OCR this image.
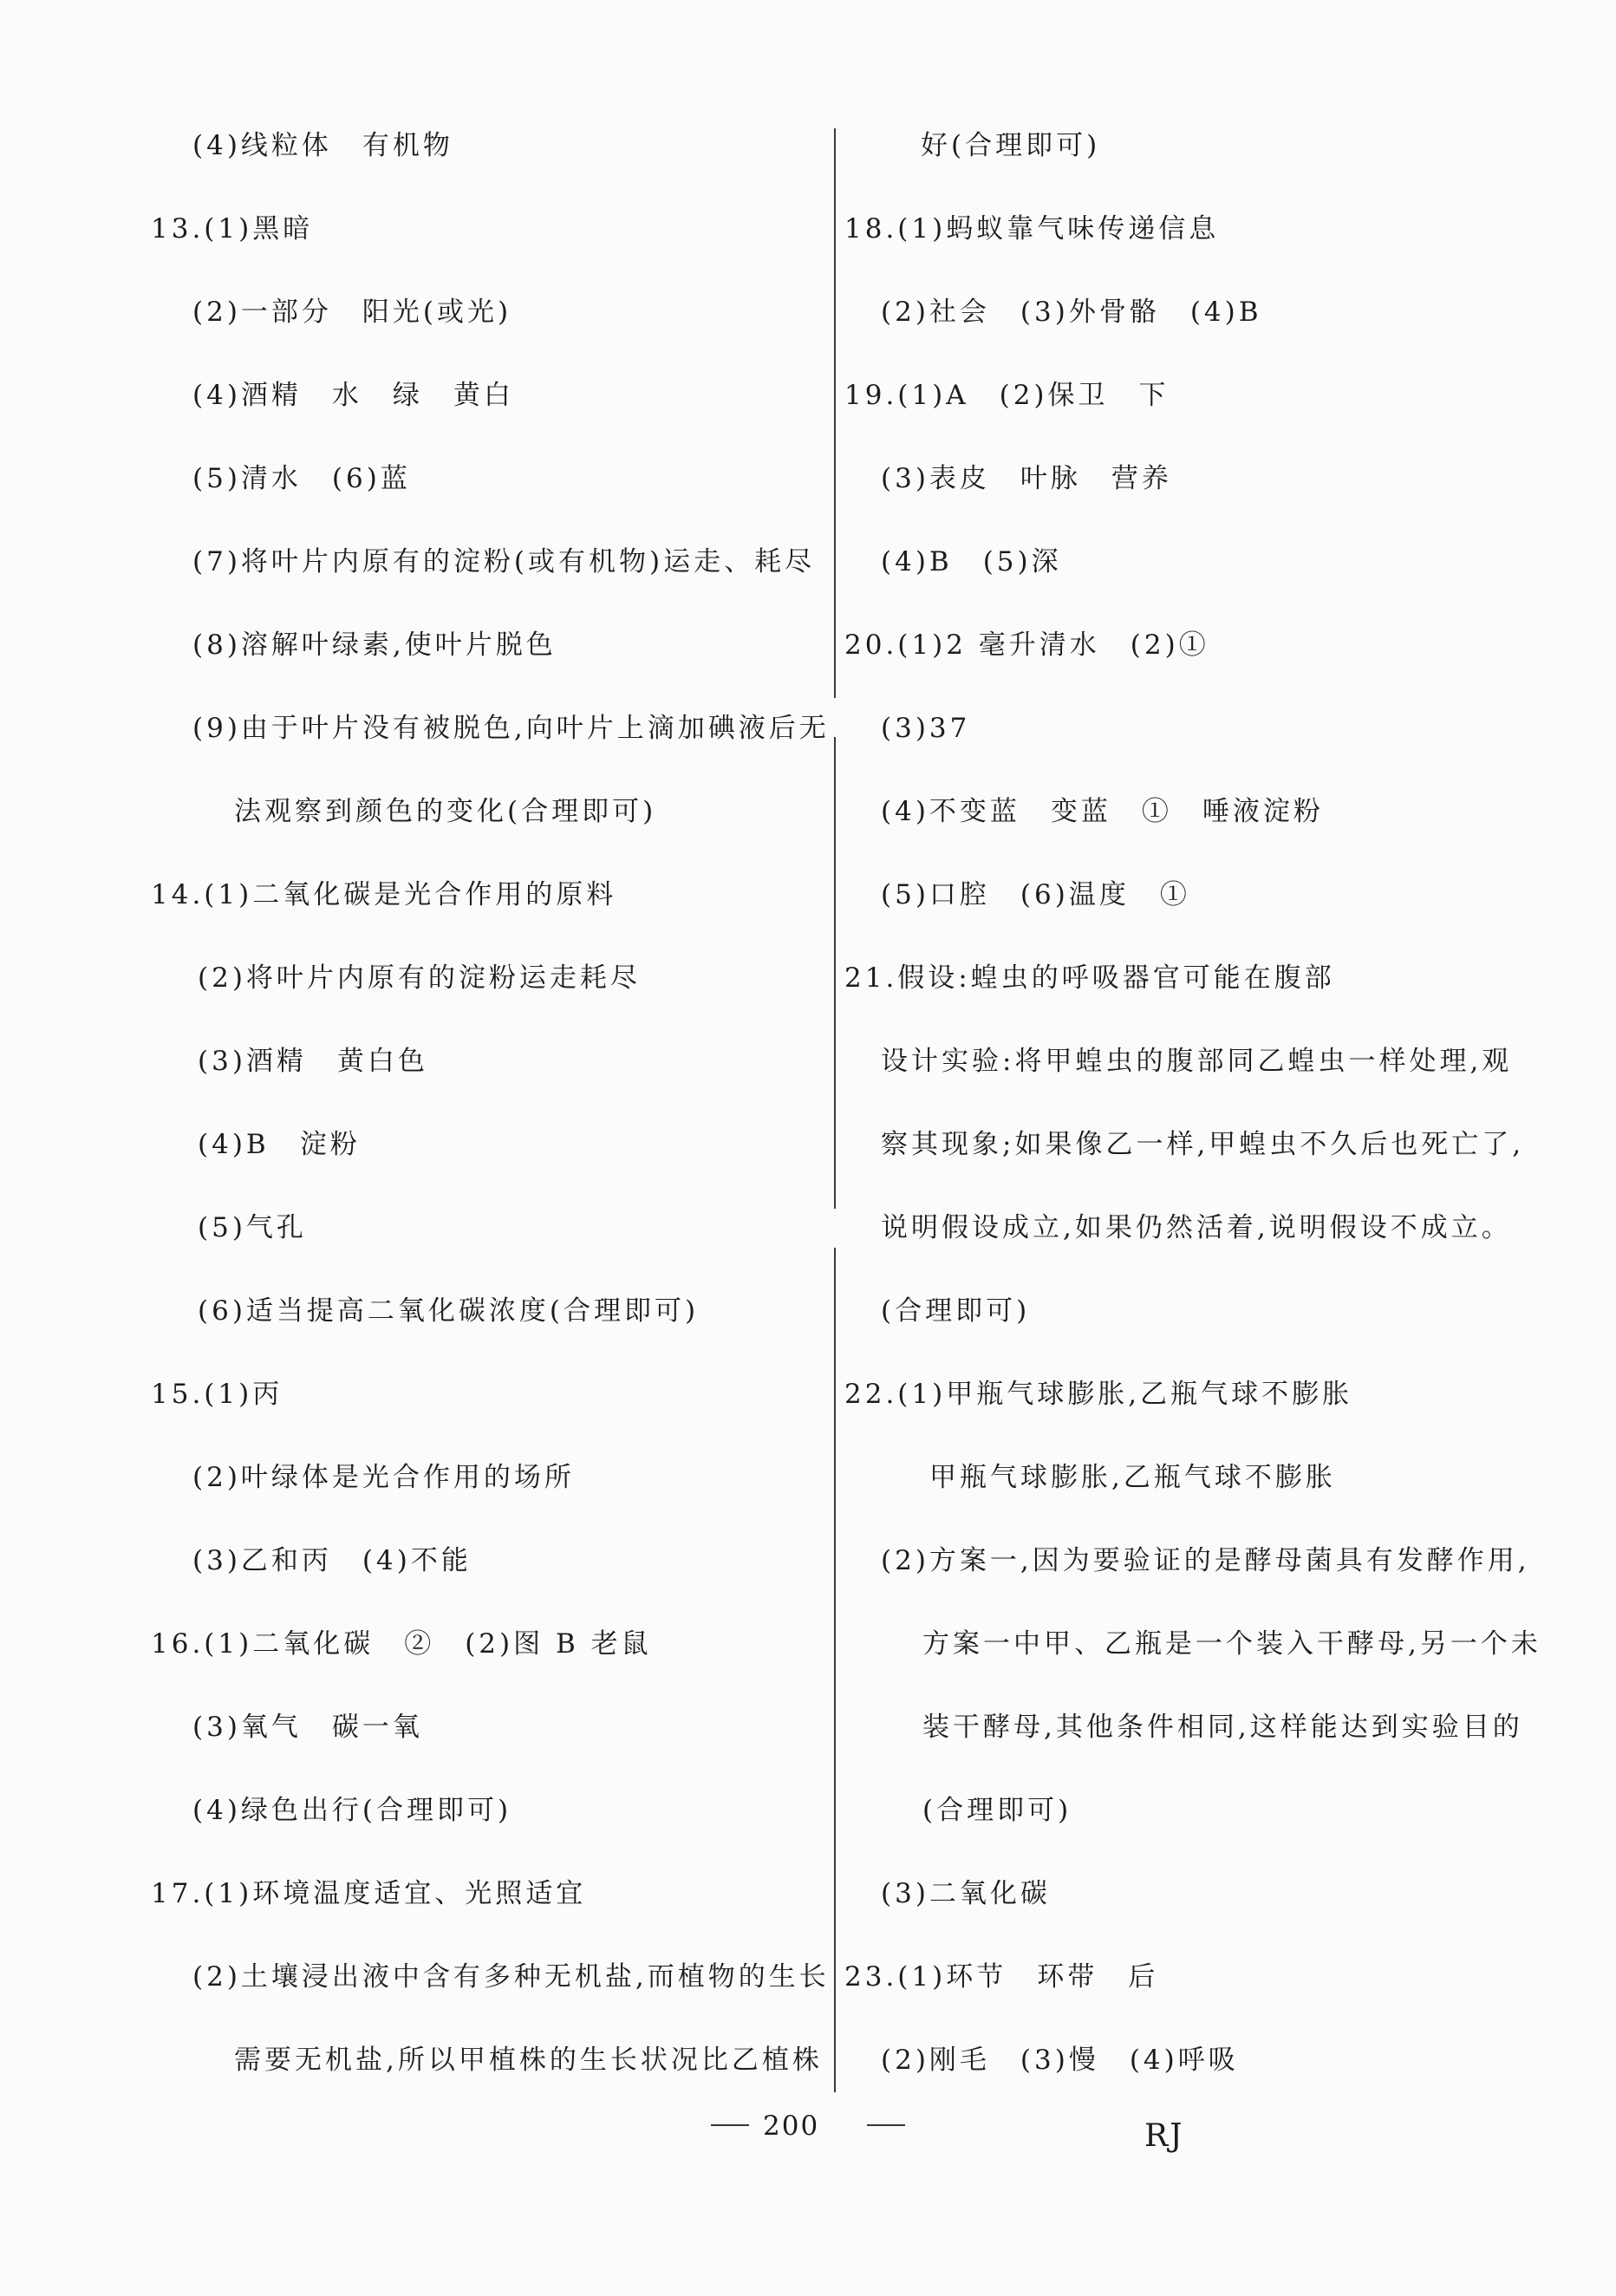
(4)线粒体　有机物
13.(1)黑暗
(2)一部分　阳光(或光)
(4)酒精　水　绿　黄白
(5)清水　(6)蓝
(7)将叶片内原有的淀粉(或有机物)运走、耗尽
(8)溶解叶绿素,使叶片脱色
(9)由于叶片没有被脱色,向叶片上滴加碘液后无
法观察到颜色的变化(合理即可)
14.(1)二氧化碳是光合作用的原料
(2)将叶片内原有的淀粉运走耗尽
(3)酒精　黄白色
(4)B　淀粉
(5)气孔
(6)适当提高二氧化碳浓度(合理即可)
15.(1)丙
(2)叶绿体是光合作用的场所
(3)乙和丙　(4)不能
16.(1)二氧化碳　②　(2)图 B 老鼠
(3)氧气　碳一氧
(4)绿色出行(合理即可)
17.(1)环境温度适宜、光照适宜
(2)土壤浸出液中含有多种无机盐,而植物的生长
需要无机盐,所以甲植株的生长状况比乙植株
好(合理即可)
18.(1)蚂蚁靠气味传递信息
(2)社会　(3)外骨骼　(4)B
19.(1)A　(2)保卫　下
(3)表皮　叶脉　营养
(4)B　(5)深
20.(1)2 毫升清水　(2)①
(3)37
(4)不变蓝　变蓝　①　唾液淀粉
(5)口腔　(6)温度　①
21.假设:蝗虫的呼吸器官可能在腹部
设计实验:将甲蝗虫的腹部同乙蝗虫一样处理,观
察其现象;如果像乙一样,甲蝗虫不久后也死亡了,
说明假设成立,如果仍然活着,说明假设不成立。
(合理即可)
22.(1)甲瓶气球膨胀,乙瓶气球不膨胀
甲瓶气球膨胀,乙瓶气球不膨胀
(2)方案一,因为要验证的是酵母菌具有发酵作用,
方案一中甲、乙瓶是一个装入干酵母,另一个未
装干酵母,其他条件相同,这样能达到实验目的
(合理即可)
(3)二氧化碳
23.(1)环节　环带　后
(2)刚毛　(3)慢　(4)呼吸
200	RJ
